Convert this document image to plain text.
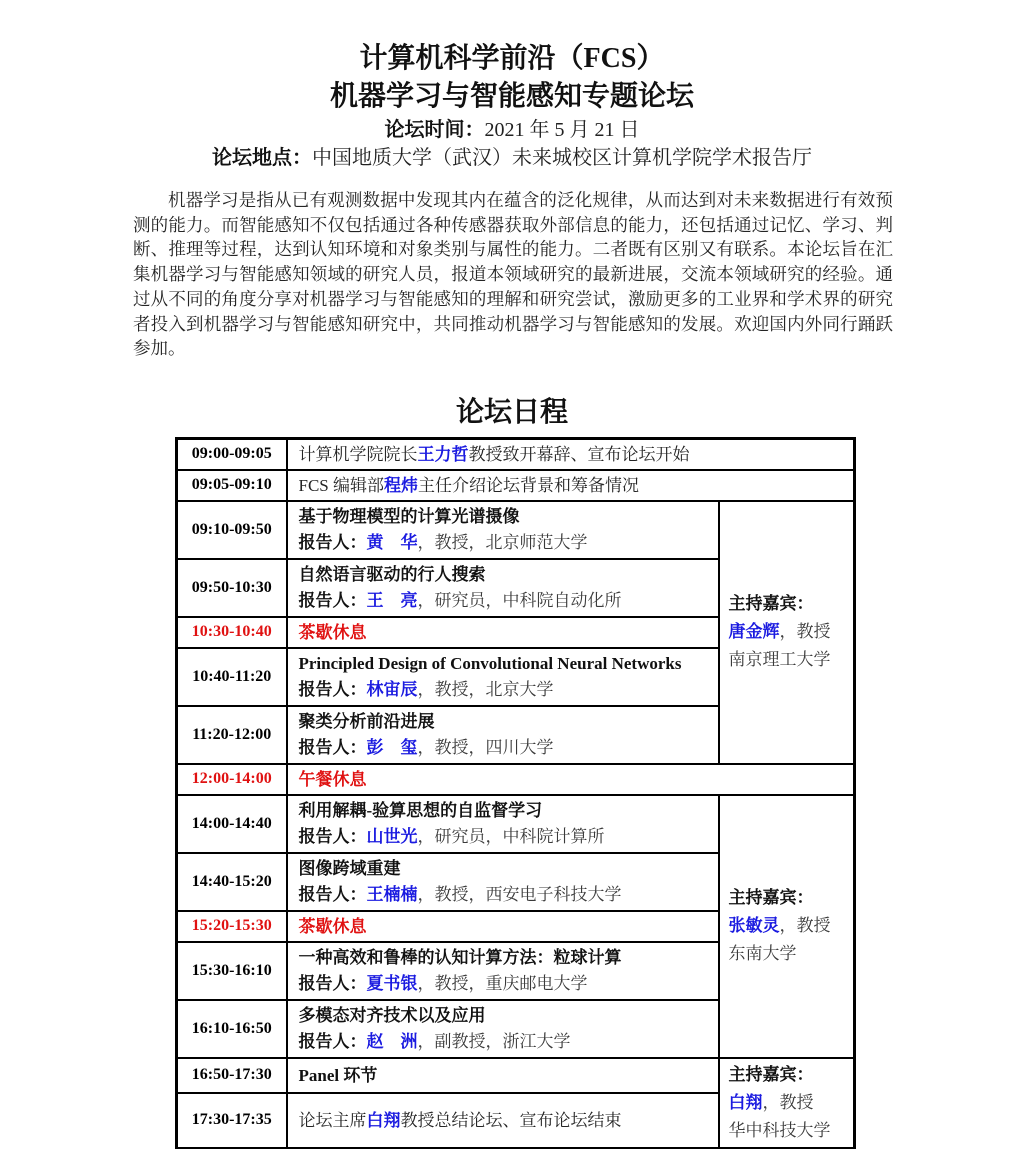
计算机科学前沿（FCS）
机器学习与智能感知专题论坛
论坛时间：2021 年 5 月 21 日
论坛地点：中国地质大学（武汉）未来城校区计算机学院学术报告厅

机器学习是指从已有观测数据中发现其内在蕴含的泛化规律，从而达到对未来数据进行有效预测的能力。而智能感知不仅包括通过各种传感器获取外部信息的能力，还包括通过记忆、学习、判断、推理等过程，达到认知环境和对象类别与属性的能力。二者既有区别又有联系。本论坛旨在汇集机器学习与智能感知领域的研究人员，报道本领域研究的最新进展，交流本领域研究的经验。通过从不同的角度分享对机器学习与智能感知的理解和研究尝试，激励更多的工业界和学术界的研究者投入到机器学习与智能感知研究中，共同推动机器学习与智能感知的发展。欢迎国内外同行踊跃参加。

论坛日程
09:00-09:05	计算机学院院长王力哲教授致开幕辞、宣布论坛开始	
09:05-09:10	FCS 编辑部程炜主任介绍论坛背景和筹备情况	
09:10-09:50	
基于物理模型的计算光谱摄像
报告人：黄　华，教授，北京师范大学

主持嘉宾：
唐金辉，教授
南京理工大学

09:50-10:30	自然语言驱动的行人搜索
报告人：王　亮，研究员，中科院自动化所	

10:30-10:40	茶歇休息	
10:40-11:20	Principled Design of Convolutional Neural Networks
报告人：林宙辰，教授，北京大学	

11:20-12:00	聚类分析前沿进展
报告人：彭　玺，教授，四川大学	

12:00-14:00	午餐休息	
14:00-14:40	
利用解耦-验算思想的自监督学习
报告人：山世光，研究员，中科院计算所

主持嘉宾：
张敏灵，教授
东南大学

14:40-15:20	图像跨域重建
报告人：王楠楠，教授，西安电子科技大学	

15:20-15:30	茶歇休息	
15:30-16:10	一种高效和鲁棒的认知计算方法：粒球计算
报告人：夏书银，教授，重庆邮电大学	

16:10-16:50	多模态对齐技术以及应用
报告人：赵　洲，副教授，浙江大学	

16:50-17:30	Panel 环节	主持嘉宾：
白翔，教授
华中科技大学

17:30-17:35	论坛主席白翔教授总结论坛、宣布论坛结束	
